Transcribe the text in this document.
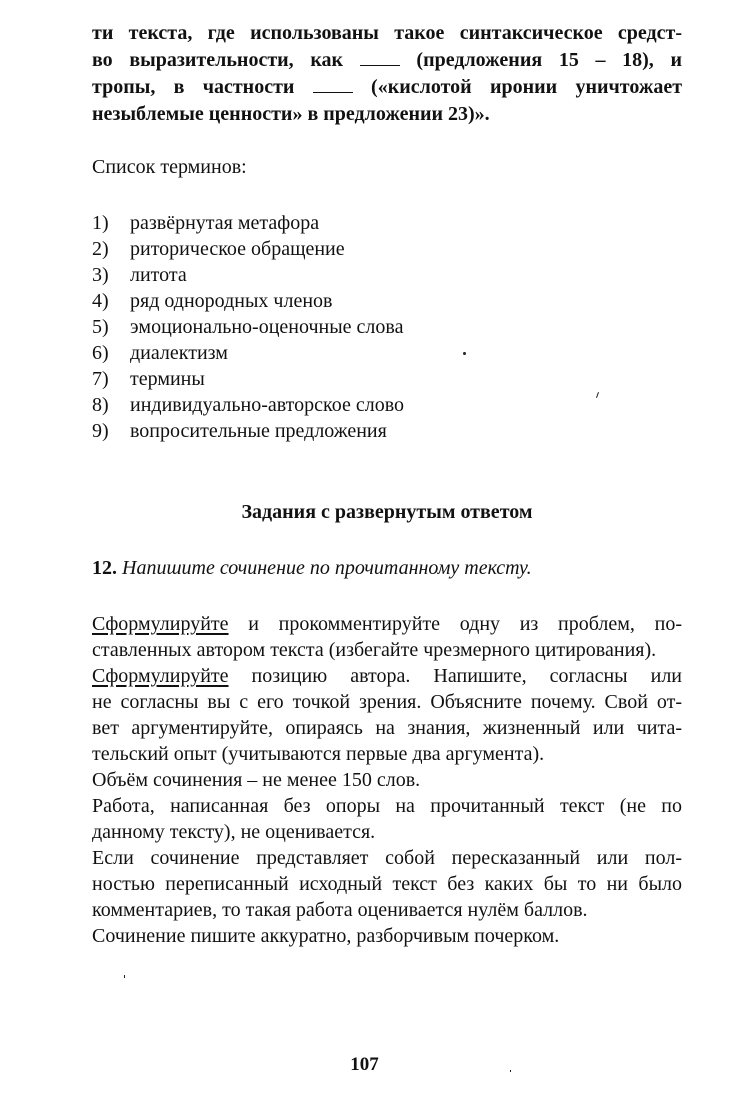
ти текста, где использованы такое синтаксическое средст-
во выразительности, как	(предложения 15 – 18), и
тропы, в частности	(«кислотой иронии уничтожает
незыблемые ценности» в предложении 23)».
Список терминов:
1)	развёрнутая метафора
2)	риторическое обращение
3)	литота
4)	ряд однородных членов
5)	эмоционально-оценочные слова
6)	диалектизм
7)	термины
8)	индивидуально-авторское слово
9)	вопросительные предложения
Задания с развернутым ответом
12. Напишите сочинение по прочитанному тексту.

Сформулируйте и прокомментируйте одну из проблем, по-
ставленных автором текста (избегайте чрезмерного цитирования).

Сформулируйте позицию автора. Напишите, согласны или
не согласны вы с его точкой зрения. Объясните почему. Свой от-
вет аргументируйте, опираясь на знания, жизненный или чита-
тельский опыт (учитываются первые два аргумента).

Объём сочинения – не менее 150 слов.

Работа, написанная без опоры на прочитанный текст (не по
данному тексту), не оценивается.

Если сочинение представляет собой пересказанный или пол-
ностью переписанный исходный текст без каких бы то ни было
комментариев, то такая работа оценивается нулём баллов.

Сочинение пишите аккуратно, разборчивым почерком.

107
